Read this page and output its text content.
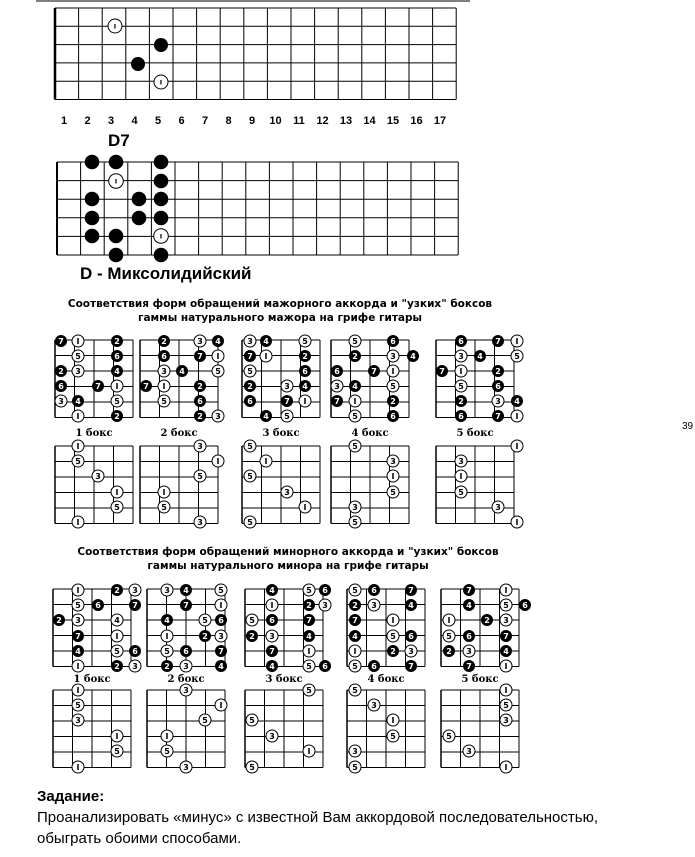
I
I
I
I
7 I	2
5	6
2 3	4
6	7 I
3 4	5
I	2
2	3 4
6	7 I
3 4	5
7 I	2
5	6
2 3
3 4	5
7 I	2
5	6
2	3 4
6	7 I
4 5
5	6
2	3 4
6	7 I
3 4	5
7 I	2
5	6
6	7 I
3 4	5
7 I	2
5	6
2	3 4
6	7 I
I
5
3
I
5
I
3
I
5
I
5
3
5
I
5
3
I
5
5
3
I
5
3
5
I
3
I
5
3
I
I	2 3
5 6	7
2 3	4
7	I
4	5 6
I	2 3
3 4	5
7	I
4	5 6
I	2 3
5 6	7
2 3	4
4	5 6
I	2 3
5 6	7
2 3	4
7	I
4	5 6
5 6	7
2 3	4
7	I
4	5 6
I	2 3
5 6	7
7	I
4	5 6
I	2 3
5 6	7
2 3	4
7	I
I
5
3
I
5
I
3
I
5
I
5
3
5
5
3
I
5
5
3
I
5
3
5
I
5
3
5
3
I
1	2	3	4	5	6	7	8	9	10	11	12	13	14	15	16	17
D7
D - Миксолидийский
Соответствия форм обращений мажорного аккорда и "узких" боксов
гаммы натурального мажора на грифе гитары
Соответствия форм обращений минорного аккорда и "узких" боксов
гаммы натурального минора на грифе гитары
1 бокс	2 бокс	3 бокс	4 бокс	5 бокс
1 бокс	2 бокс	3 бокс	4 бокс	5 бокс
39
Задание:
Проанализировать «минус» с известной Вам аккордовой последовательностью,
обыграть обоими способами.
